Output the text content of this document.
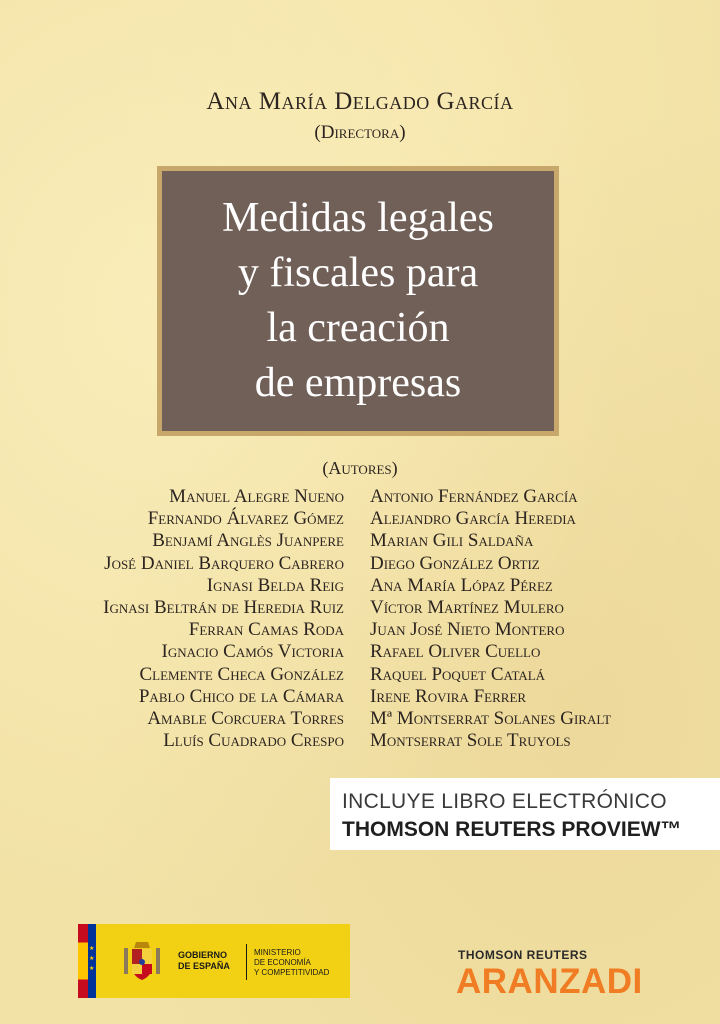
Ana María Delgado García
(Directora)
Medidas legales
y fiscales para
la creación
de empresas
(Autores)
Manuel Alegre Nueno
Fernando Álvarez Gómez
Benjamí Anglès Juanpere
José Daniel Barquero Cabrero
Ignasi Belda Reig
Ignasi Beltrán de Heredia Ruiz
Ferran Camas Roda
Ignacio Camós Victoria
Clemente Checa González
Pablo Chico de la Cámara
Amable Corcuera Torres
Lluís Cuadrado Crespo
Antonio Fernández García
Alejandro García Heredia
Marian Gili Saldaña
Diego González Ortiz
Ana María Lópaz Pérez
Víctor Martínez Mulero
Juan José Nieto Montero
Rafael Oliver Cuello
Raquel Poquet Catalá
Irene Rovira Ferrer
Mª Montserrat Solanes Giralt
Montserrat Sole Truyols
INCLUYE LIBRO ELECTRÓNICO
THOMSON REUTERS PROVIEW™
★
★
★
GOBIERNO
DE ESPAÑA
MINISTERIO
DE ECONOMÍA
Y COMPETITIVIDAD
THOMSON REUTERS
ARANZADI
